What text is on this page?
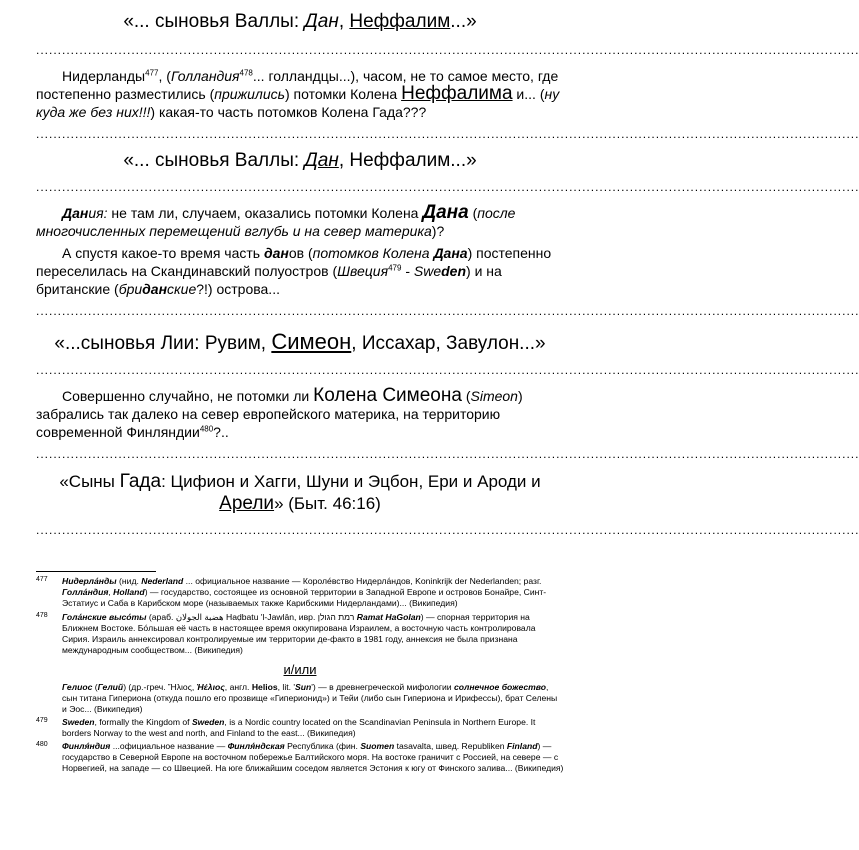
«... сыновья Валлы: Дан, Неффалим...»
..............................................................................................................................................................................................

Нидерланды$^{477}$, (Голландия$^{478}$... голландцы...), часом, не то самое место, где постепенно разместились (прижились) потомки Колена Неффалима и... (ну куда же без них!!!) какая-то часть потомков Колена Гада???

..............................................................................................................................................................................................
«... сыновья Валлы: Дан, Неффалим...»
..............................................................................................................................................................................................

Дания: не там ли, случаем, оказались потомки Колена Дана (после многочисленных перемещений вглубь и на север материка)?

А спустя какое-то время часть данов (потомков Колена Дана) постепенно переселилась на Скандинавский полуостров (Швеция$^{479}$ - Sweden) и на британские (бриданские?!) острова...

..............................................................................................................................................................................................
«...сыновья Лии: Рувим, Симеон, Иссахар, Завулон...»
..............................................................................................................................................................................................

Совершенно случайно, не потомки ли Колена Симеона (Simeon) забрались так далеко на север европейского материка, на территорию современной Финляндии$^{480}$?..

..............................................................................................................................................................................................
«Сыны Гада: Цифион и Хагги, Шуни и Эцбон, Ери и Ароди и Арели» (Быт. 46:16)
..............................................................................................................................................................................................

477 Нидерла́нды (нид. Nederland ... официальное название — Короле́вство Нидерла́ндов, Koninkrijk der Nederlanden; разг. Голла́ндия, Holland) — государство, состоящее из основной территории в Западной Европе и островов Бонайре, Синт-Эстатиус и Саба в Карибском море (называемых также Карибскими Нидерландами)... (Википедия)

478 Гола́нские высо́ты (араб. هضبة الجولان‎ Haḍbatu 'l-Jawlān, ивр. רמת הגולן‎ Ramat HaGolan) — спорная территория на Ближнем Востоке. Бо́льшая её часть в настоящее время оккупирована Израилем, а восточную часть контролировала Сирия. Израиль аннексировал контролируемые им территории де-факто в 1981 году, аннексия не была признана международным сообществом... (Википедия)

и/или

Гелиос (Гелий) (др.-греч. Ἥλιος, Ἠέλιος, англ. Helios, lit. 'Sun') — в древнегреческой мифологии солнечное божество, сын титана Гипериона (откуда пошло его прозвище «Гиперионид») и Тейи (либо сын Гипериона и Ирифессы), брат Селены и Эос... (Википедия)

479 Sweden, formally the Kingdom of Sweden, is a Nordic country located on the Scandinavian Peninsula in Northern Europe. It borders Norway to the west and north, and Finland to the east... (Википедия)

480 Финля́ндия ...официальное название — Финля́ндская Республика (фин. Suomen tasavalta, швед. Republiken Finland) — государство в Северной Европе на восточном побережье Балтийского моря. На востоке граничит с Россией, на севере — с Норвегией, на западе — со Швецией. На юге ближайшим соседом является Эстония к югу от Финского залива... (Википедия)
